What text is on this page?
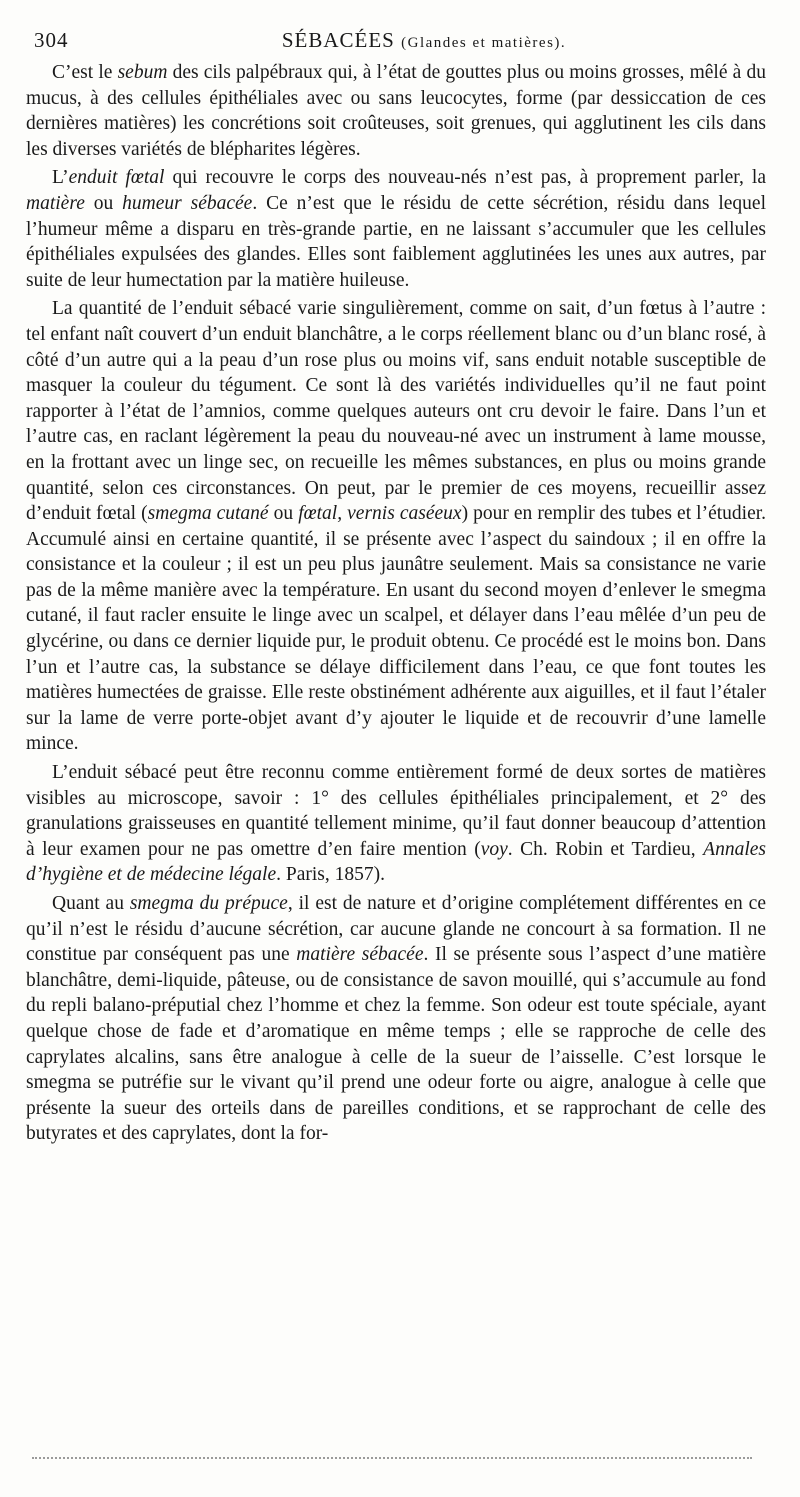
304	SÉBACÉES (Glandes et matières).

C’est le sebum des cils palpébraux qui, à l’état de gouttes plus ou moins grosses, mêlé à du mucus, à des cellules épithéliales avec ou sans leucocytes, forme (par dessiccation de ces dernières matières) les concrétions soit croûteuses, soit grenues, qui agglutinent les cils dans les diverses variétés de blépharites légères.

L’enduit fœtal qui recouvre le corps des nouveau-nés n’est pas, à proprement parler, la matière ou humeur sébacée. Ce n’est que le résidu de cette sécrétion, résidu dans lequel l’humeur même a disparu en très-grande partie, en ne laissant s’accumuler que les cellules épithéliales expulsées des glandes. Elles sont faiblement agglutinées les unes aux autres, par suite de leur humectation par la matière huileuse.

La quantité de l’enduit sébacé varie singulièrement, comme on sait, d’un fœtus à l’autre : tel enfant naît couvert d’un enduit blanchâtre, a le corps réellement blanc ou d’un blanc rosé, à côté d’un autre qui a la peau d’un rose plus ou moins vif, sans enduit notable susceptible de masquer la couleur du tégument. Ce sont là des variétés individuelles qu’il ne faut point rapporter à l’état de l’amnios, comme quelques auteurs ont cru devoir le faire. Dans l’un et l’autre cas, en raclant légèrement la peau du nouveau-né avec un instrument à lame mousse, en la frottant avec un linge sec, on recueille les mêmes substances, en plus ou moins grande quantité, selon ces circonstances. On peut, par le premier de ces moyens, recueillir assez d’enduit fœtal (smegma cutané ou fœtal, vernis caséeux) pour en remplir des tubes et l’étudier. Accumulé ainsi en certaine quantité, il se présente avec l’aspect du saindoux ; il en offre la consistance et la couleur ; il est un peu plus jaunâtre seulement. Mais sa consistance ne varie pas de la même manière avec la température. En usant du second moyen d’enlever le smegma cutané, il faut racler ensuite le linge avec un scalpel, et délayer dans l’eau mêlée d’un peu de glycérine, ou dans ce dernier liquide pur, le produit obtenu. Ce procédé est le moins bon. Dans l’un et l’autre cas, la substance se délaye difficilement dans l’eau, ce que font toutes les matières humectées de graisse. Elle reste obstinément adhérente aux aiguilles, et il faut l’étaler sur la lame de verre porte-objet avant d’y ajouter le liquide et de recouvrir d’une lamelle mince.

L’enduit sébacé peut être reconnu comme entièrement formé de deux sortes de matières visibles au microscope, savoir : 1° des cellules épithéliales principalement, et 2° des granulations graisseuses en quantité tellement minime, qu’il faut donner beaucoup d’attention à leur examen pour ne pas omettre d’en faire mention (voy. Ch. Robin et Tardieu, Annales d’hygiène et de médecine légale. Paris, 1857).

Quant au smegma du prépuce, il est de nature et d’origine complétement différentes en ce qu’il n’est le résidu d’aucune sécrétion, car aucune glande ne concourt à sa formation. Il ne constitue par conséquent pas une matière sébacée. Il se présente sous l’aspect d’une matière blanchâtre, demi-liquide, pâteuse, ou de consistance de savon mouillé, qui s’accumule au fond du repli balano-préputial chez l’homme et chez la femme. Son odeur est toute spéciale, ayant quelque chose de fade et d’aromatique en même temps ; elle se rapproche de celle des caprylates alcalins, sans être analogue à celle de la sueur de l’aisselle. C’est lorsque le smegma se putréfie sur le vivant qu’il prend une odeur forte ou aigre, analogue à celle que présente la sueur des orteils dans de pareilles conditions, et se rapprochant de celle des butyrates et des caprylates, dont la for-
